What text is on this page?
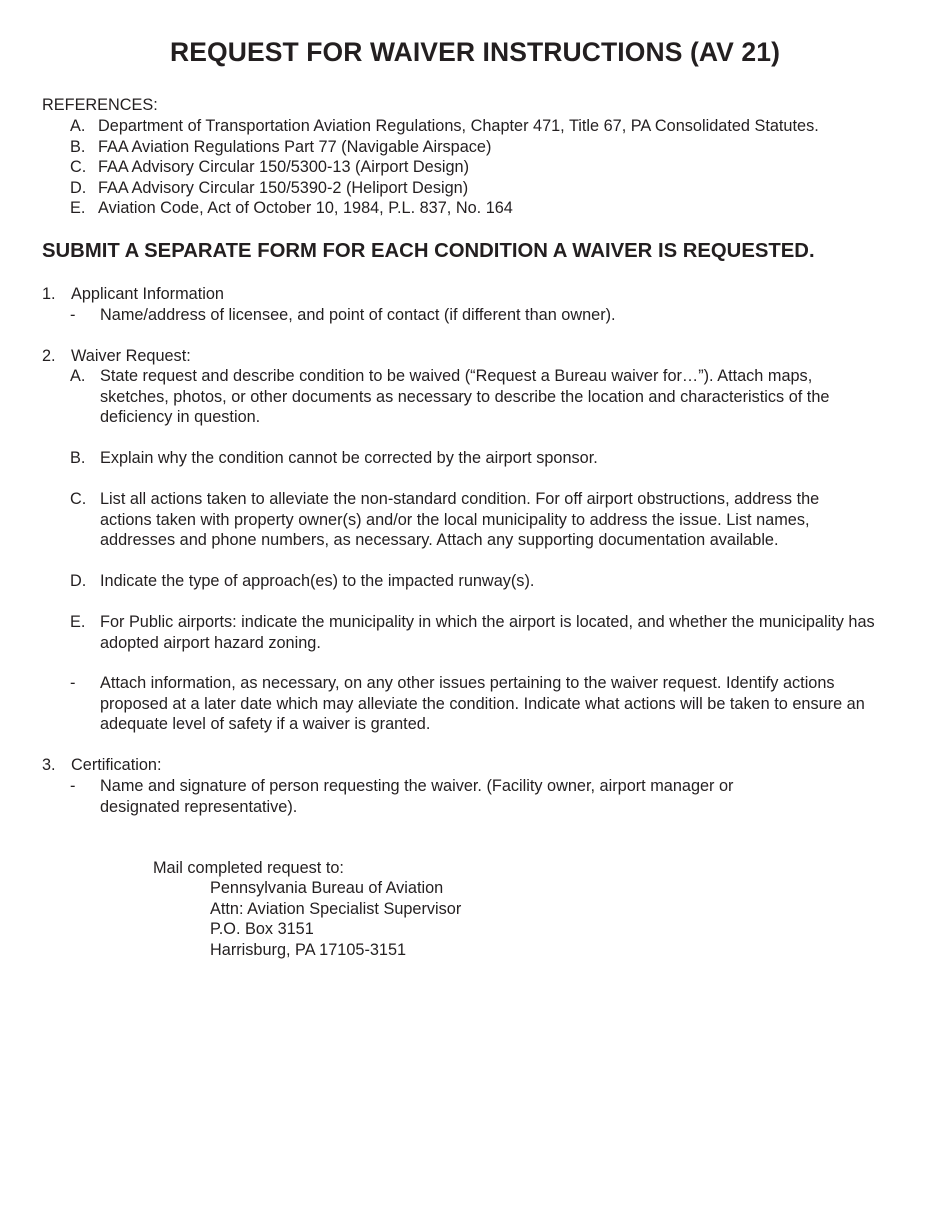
REQUEST FOR WAIVER INSTRUCTIONS (AV 21)
REFERENCES:
A. Department of Transportation Aviation Regulations, Chapter 471, Title 67, PA Consolidated Statutes.
B. FAA Aviation Regulations Part 77 (Navigable Airspace)
C. FAA Advisory Circular 150/5300-13 (Airport Design)
D. FAA Advisory Circular 150/5390-2 (Heliport Design)
E. Aviation Code, Act of October 10, 1984, P.L. 837, No. 164
SUBMIT A SEPARATE FORM FOR EACH CONDITION A WAIVER IS REQUESTED.
1. Applicant Information
-	Name/address of licensee, and point of contact (if different than owner).
2. Waiver Request:
A. State request and describe condition to be waived (“Request a Bureau waiver for…”). Attach maps, sketches, photos, or other documents as necessary to describe the location and characteristics of the deficiency in question.
B. Explain why the condition cannot be corrected by the airport sponsor.
C. List all actions taken to alleviate the non-standard condition. For off airport obstructions, address the actions taken with property owner(s) and/or the local municipality to address the issue. List names, addresses and phone numbers, as necessary. Attach any supporting documentation available.
D. Indicate the type of approach(es) to the impacted runway(s).
E. For Public airports: indicate the municipality in which the airport is located, and whether the municipality has adopted airport hazard zoning.
-	Attach information, as necessary, on any other issues pertaining to the waiver request. Identify actions proposed at a later date which may alleviate the condition. Indicate what actions will be taken to ensure an adequate level of safety if a waiver is granted.
3. Certification:
-	Name and signature of person requesting the waiver. (Facility owner, airport manager or designated representative).
Mail completed request to:
Pennsylvania Bureau of Aviation
Attn: Aviation Specialist Supervisor
P.O. Box 3151
Harrisburg, PA 17105-3151
